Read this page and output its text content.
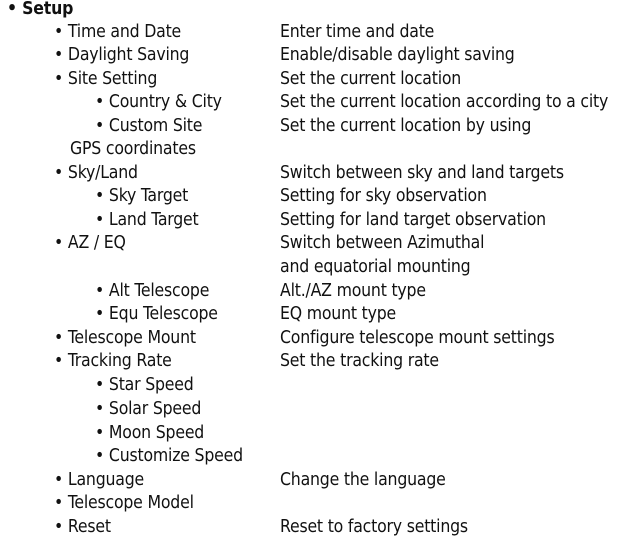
• Setup
• Time and Date	Enter time and date
• Daylight Saving	Enable/disable daylight saving
• Site Setting	Set the current location
• Country & City	Set the current location according to a city
• Custom Site	Set the current location by using
GPS coordinates
• Sky/Land	Switch between sky and land targets
• Sky Target	Setting for sky observation
• Land Target	Setting for land target observation
• AZ / EQ	Switch between Azimuthal
and equatorial mounting
• Alt Telescope	Alt./AZ mount type
• Equ Telescope	EQ mount type
• Telescope Mount	Configure telescope mount settings
• Tracking Rate	Set the tracking rate
• Star Speed
• Solar Speed
• Moon Speed
• Customize Speed
• Language	Change the language
• Telescope Model
• Reset	Reset to factory settings
